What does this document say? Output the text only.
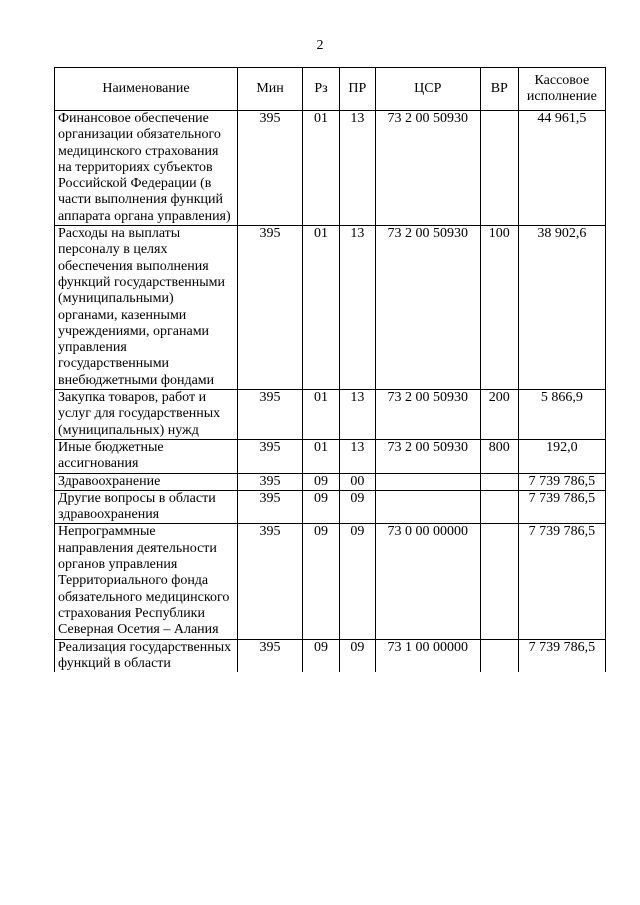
2
Наименование	Мин	Рз	ПР	ЦСР	ВР	Кассовое исполнение
Финансовое обеспечение организации обязательного медицинского страхования на территориях субъектов Российской Федерации (в части выполнения функций аппарата органа управления)	395	01	13	73 2 00 50930		44 961,5
Расходы на выплаты персоналу в целях обеспечения выполнения функций государственными (муниципальными) органами, казенными учреждениями, органами управления государственными внебюджетными фондами	395	01	13	73 2 00 50930	100	38 902,6
Закупка товаров, работ и услуг для государственных (муниципальных) нужд	395	01	13	73 2 00 50930	200	5 866,9
Иные бюджетные ассигнования	395	01	13	73 2 00 50930	800	192,0
Здравоохранение	395	09	00			7 739 786,5
Другие вопросы в области здравоохранения	395	09	09			7 739 786,5
Непрограммные направления деятельности органов управления Территориального фонда обязательного медицинского страхования Республики Северная Осетия – Алания	395	09	09	73 0 00 00000		7 739 786,5
Реализация государственных функций в области	395	09	09	73 1 00 00000		7 739 786,5
